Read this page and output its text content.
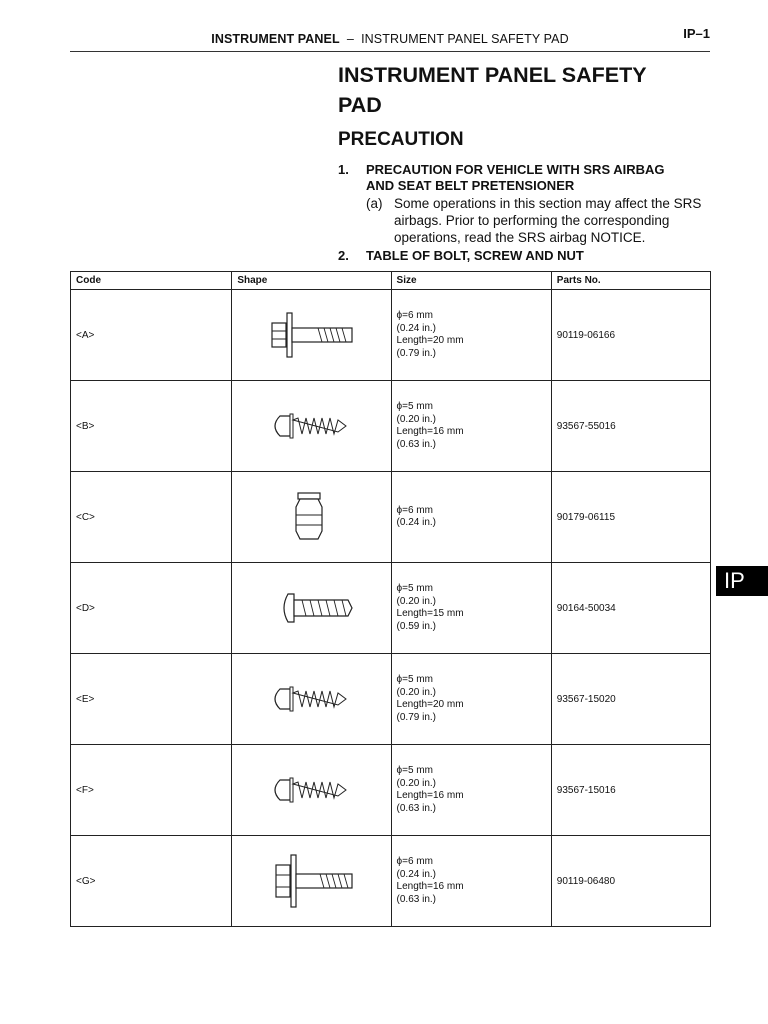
INSTRUMENT PANEL – INSTRUMENT PANEL SAFETY PAD	IP–1
INSTRUMENT PANEL SAFETY
PAD
PRECAUTION
1. PRECAUTION FOR VEHICLE WITH SRS AIRBAG
AND SEAT BELT PRETENSIONER
(a) Some operations in this section may affect the SRS
airbags. Prior to performing the corresponding
operations, read the SRS airbag NOTICE.
2. TABLE OF BOLT, SCREW AND NUT
IP
Code	Shape	Size	Parts No.
<A>		ϕ=6 mm
(0.24 in.)
Length=20 mm
(0.79 in.)	90119-06166
<B>		ϕ=5 mm
(0.20 in.)
Length=16 mm
(0.63 in.)	93567-55016
<C>		ϕ=6 mm
(0.24 in.)	90179-06115
<D>		ϕ=5 mm
(0.20 in.)
Length=15 mm
(0.59 in.)	90164-50034
<E>		ϕ=5 mm
(0.20 in.)
Length=20 mm
(0.79 in.)	93567-15020
<F>		ϕ=5 mm
(0.20 in.)
Length=16 mm
(0.63 in.)	93567-15016
<G>		ϕ=6 mm
(0.24 in.)
Length=16 mm
(0.63 in.)	90119-06480
